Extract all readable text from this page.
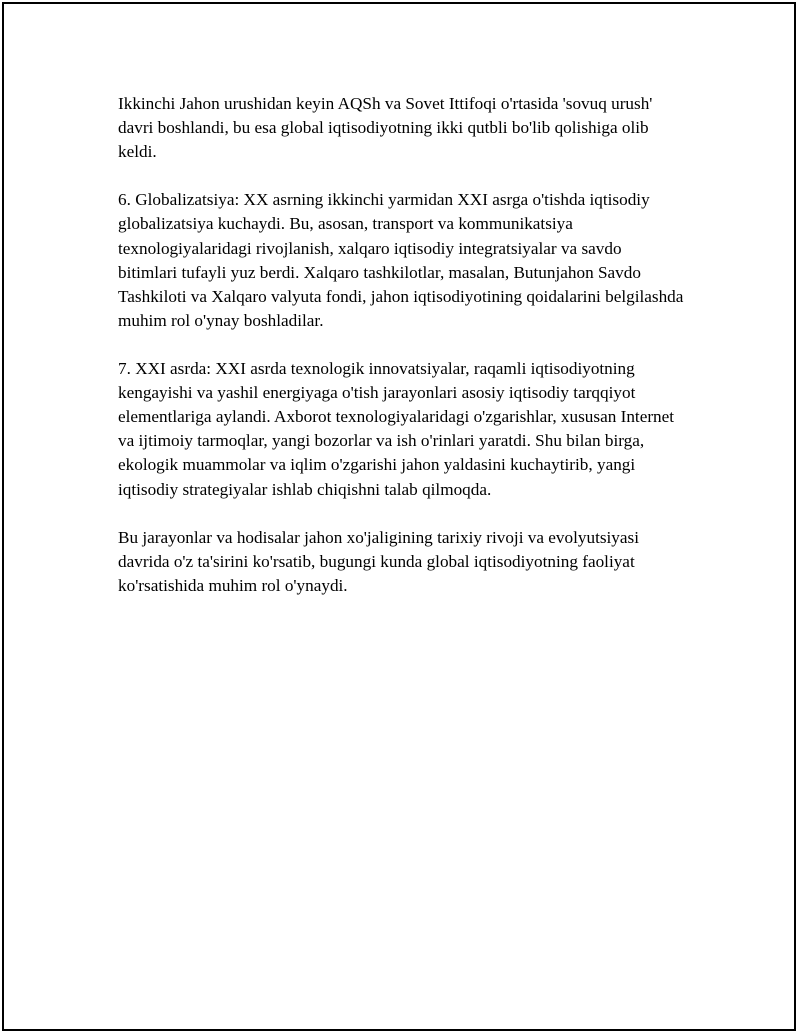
Ikkinchi Jahon urushidan keyin AQSh va Sovet Ittifoqi o'rtasida 'sovuq urush' davri boshlandi, bu esa global iqtisodiyotning ikki qutbli bo'lib qolishiga olib keldi.

6. Globalizatsiya: XX asrning ikkinchi yarmidan XXI asrga o'tishda iqtisodiy globalizatsiya kuchaydi. Bu, asosan, transport va kommunikatsiya texnologiyalaridagi rivojlanish, xalqaro iqtisodiy integratsiyalar va savdo bitimlari tufayli yuz berdi. Xalqaro tashkilotlar, masalan, Butunjahon Savdo Tashkiloti va Xalqaro valyuta fondi, jahon iqtisodiyotining qoidalarini belgilashda muhim rol o'ynay boshladilar.

7. XXI asrda: XXI asrda texnologik innovatsiyalar, raqamli iqtisodiyotning kengayishi va yashil energiyaga o'tish jarayonlari asosiy iqtisodiy tarqqiyot elementlariga aylandi. Axborot texnologiyalaridagi o'zgarishlar, xususan Internet va ijtimoiy tarmoqlar, yangi bozorlar va ish o'rinlari yaratdi. Shu bilan birga, ekologik muammolar va iqlim o'zgarishi jahon yaldasini kuchaytirib, yangi iqtisodiy strategiyalar ishlab chiqishni talab qilmoqda.

Bu jarayonlar va hodisalar jahon xo'jaligining tarixiy rivoji va evolyutsiyasi davrida o'z ta'sirini ko'rsatib, bugungi kunda global iqtisodiyotning faoliyat ko'rsatishida muhim rol o'ynaydi.
